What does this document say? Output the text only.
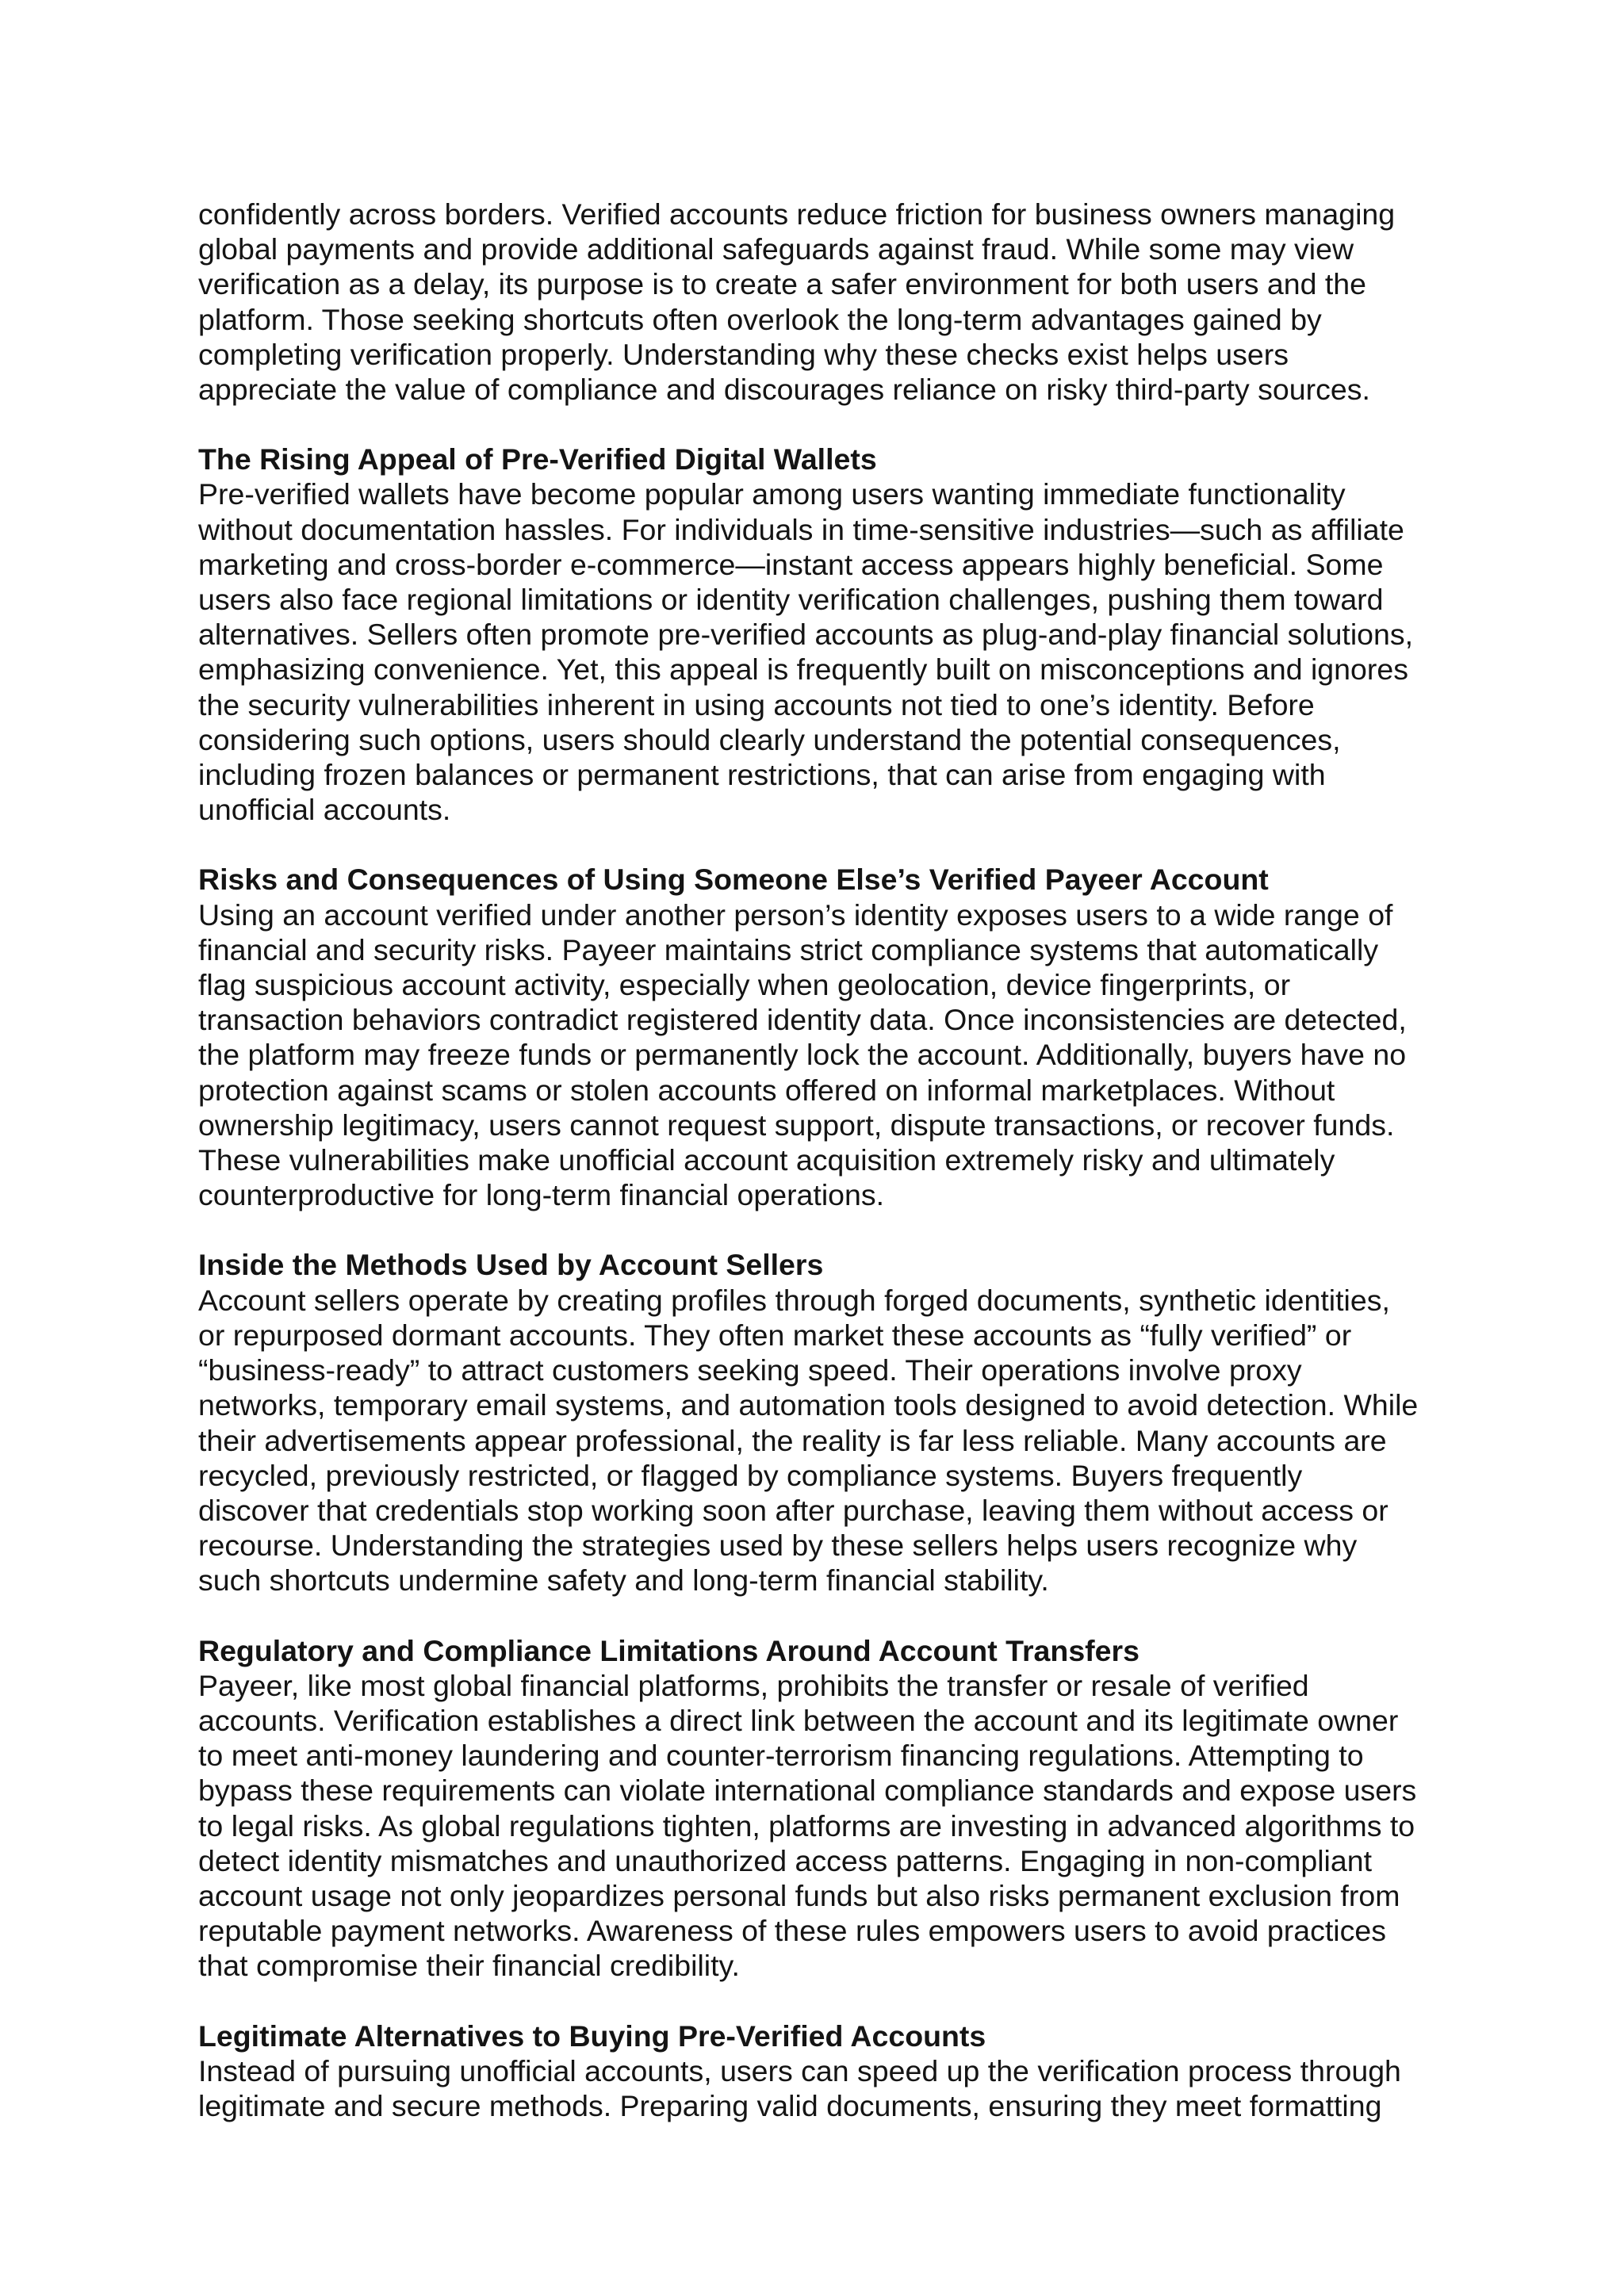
confidently across borders. Verified accounts reduce friction for business owners managing
global payments and provide additional safeguards against fraud. While some may view
verification as a delay, its purpose is to create a safer environment for both users and the
platform. Those seeking shortcuts often overlook the long-term advantages gained by
completing verification properly. Understanding why these checks exist helps users
appreciate the value of compliance and discourages reliance on risky third-party sources.

The Rising Appeal of Pre-Verified Digital Wallets

Pre-verified wallets have become popular among users wanting immediate functionality
without documentation hassles. For individuals in time-sensitive industries—such as affiliate
marketing and cross-border e-commerce—instant access appears highly beneficial. Some
users also face regional limitations or identity verification challenges, pushing them toward
alternatives. Sellers often promote pre-verified accounts as plug-and-play financial solutions,
emphasizing convenience. Yet, this appeal is frequently built on misconceptions and ignores
the security vulnerabilities inherent in using accounts not tied to one’s identity. Before
considering such options, users should clearly understand the potential consequences,
including frozen balances or permanent restrictions, that can arise from engaging with
unofficial accounts.

Risks and Consequences of Using Someone Else’s Verified Payeer Account

Using an account verified under another person’s identity exposes users to a wide range of
financial and security risks. Payeer maintains strict compliance systems that automatically
flag suspicious account activity, especially when geolocation, device fingerprints, or
transaction behaviors contradict registered identity data. Once inconsistencies are detected,
the platform may freeze funds or permanently lock the account. Additionally, buyers have no
protection against scams or stolen accounts offered on informal marketplaces. Without
ownership legitimacy, users cannot request support, dispute transactions, or recover funds.
These vulnerabilities make unofficial account acquisition extremely risky and ultimately
counterproductive for long-term financial operations.

Inside the Methods Used by Account Sellers

Account sellers operate by creating profiles through forged documents, synthetic identities,
or repurposed dormant accounts. They often market these accounts as “fully verified” or
“business-ready” to attract customers seeking speed. Their operations involve proxy
networks, temporary email systems, and automation tools designed to avoid detection. While
their advertisements appear professional, the reality is far less reliable. Many accounts are
recycled, previously restricted, or flagged by compliance systems. Buyers frequently
discover that credentials stop working soon after purchase, leaving them without access or
recourse. Understanding the strategies used by these sellers helps users recognize why
such shortcuts undermine safety and long-term financial stability.

Regulatory and Compliance Limitations Around Account Transfers

Payeer, like most global financial platforms, prohibits the transfer or resale of verified
accounts. Verification establishes a direct link between the account and its legitimate owner
to meet anti-money laundering and counter-terrorism financing regulations. Attempting to
bypass these requirements can violate international compliance standards and expose users
to legal risks. As global regulations tighten, platforms are investing in advanced algorithms to
detect identity mismatches and unauthorized access patterns. Engaging in non-compliant
account usage not only jeopardizes personal funds but also risks permanent exclusion from
reputable payment networks. Awareness of these rules empowers users to avoid practices
that compromise their financial credibility.

Legitimate Alternatives to Buying Pre-Verified Accounts

Instead of pursuing unofficial accounts, users can speed up the verification process through
legitimate and secure methods. Preparing valid documents, ensuring they meet formatting
